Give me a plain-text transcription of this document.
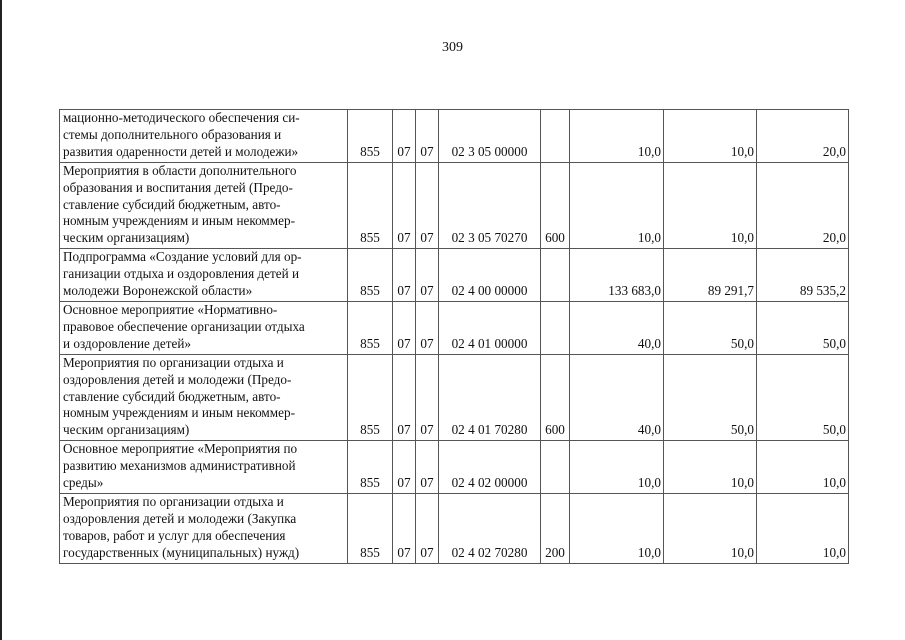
309
мационно-методического обеспечения си-
стемы дополнительного образования и
развития одаренности детей и молодежи»	855	07	07	02 3 05 00000		10,0	10,0	20,0

Мероприятия в области дополнительного
образования и воспитания детей (Предо-
ставление субсидий бюджетным, авто-
номным учреждениям и иным некоммер-
ческим организациям)	855	07	07	02 3 05 70270	600	10,0	10,0	20,0

Подпрограмма «Создание условий для ор-
ганизации отдыха и оздоровления детей и
молодежи Воронежской области»	855	07	07	02 4 00 00000		133 683,0	89 291,7	89 535,2

Основное мероприятие «Нормативно-
правовое обеспечение организации отдыха
и оздоровление детей»	855	07	07	02 4 01 00000		40,0	50,0	50,0

Мероприятия по организации отдыха и
оздоровления детей и молодежи (Предо-
ставление субсидий бюджетным, авто-
номным учреждениям и иным некоммер-
ческим организациям)	855	07	07	02 4 01 70280	600	40,0	50,0	50,0

Основное мероприятие «Мероприятия по
развитию механизмов административной
среды»	855	07	07	02 4 02 00000		10,0	10,0	10,0

Мероприятия по организации отдыха и
оздоровления детей и молодежи (Закупка
товаров, работ и услуг для обеспечения
государственных (муниципальных) нужд)	855	07	07	02 4 02 70280	200	10,0	10,0	10,0
